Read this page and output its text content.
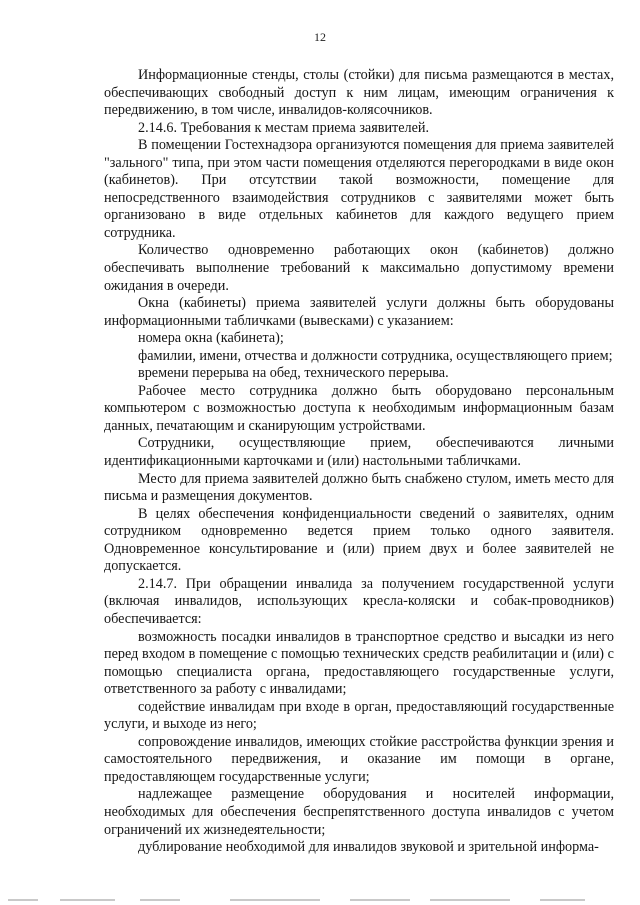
12

Информационные стенды, столы (стойки) для письма размещаются в местах, обеспечивающих свободный доступ к ним лицам, имеющим ограничения к передвижению, в том числе, инвалидов-колясочников.

2.14.6. Требования к местам приема заявителей.

В помещении Гостехнадзора организуются помещения для приема заявителей "зального" типа, при этом части помещения отделяются перегородками в виде окон (кабинетов). При отсутствии такой возможности, помещение для непосредственного взаимодействия сотрудников с заявителями может быть организовано в виде отдельных кабинетов для каждого ведущего прием сотрудника.

Количество одновременно работающих окон (кабинетов) должно обеспечивать выполнение требований к максимально допустимому времени ожидания в очереди.

Окна (кабинеты) приема заявителей услуги должны быть оборудованы информационными табличками (вывесками) с указанием:

номера окна (кабинета);

фамилии, имени, отчества и должности сотрудника, осуществляющего прием;

времени перерыва на обед, технического перерыва.

Рабочее место сотрудника должно быть оборудовано персональным компьютером с возможностью доступа к необходимым информационным базам данных, печатающим и сканирующим устройствами.

Сотрудники, осуществляющие прием, обеспечиваются личными идентификационными карточками и (или) настольными табличками.

Место для приема заявителей должно быть снабжено стулом, иметь место для письма и размещения документов.

В целях обеспечения конфиденциальности сведений о заявителях, одним сотрудником одновременно ведется прием только одного заявителя. Одновременное консультирование и (или) прием двух и более заявителей не допускается.

2.14.7. При обращении инвалида за получением государственной услуги (включая инвалидов, использующих кресла-коляски и собак-проводников) обеспечивается:

возможность посадки инвалидов в транспортное средство и высадки из него перед входом в помещение с помощью технических средств реабилитации и (или) с помощью специалиста органа, предоставляющего государственные услуги, ответственного за работу с инвалидами;

содействие инвалидам при входе в орган, предоставляющий государственные услуги, и выходе из него;

сопровождение инвалидов, имеющих стойкие расстройства функции зрения и самостоятельного передвижения, и оказание им помощи в органе, предоставляющем государственные услуги;

надлежащее размещение оборудования и носителей информации, необходимых для обеспечения беспрепятственного доступа инвалидов с учетом ограничений их жизнедеятельности;

дублирование необходимой для инвалидов звуковой и зрительной информа-
